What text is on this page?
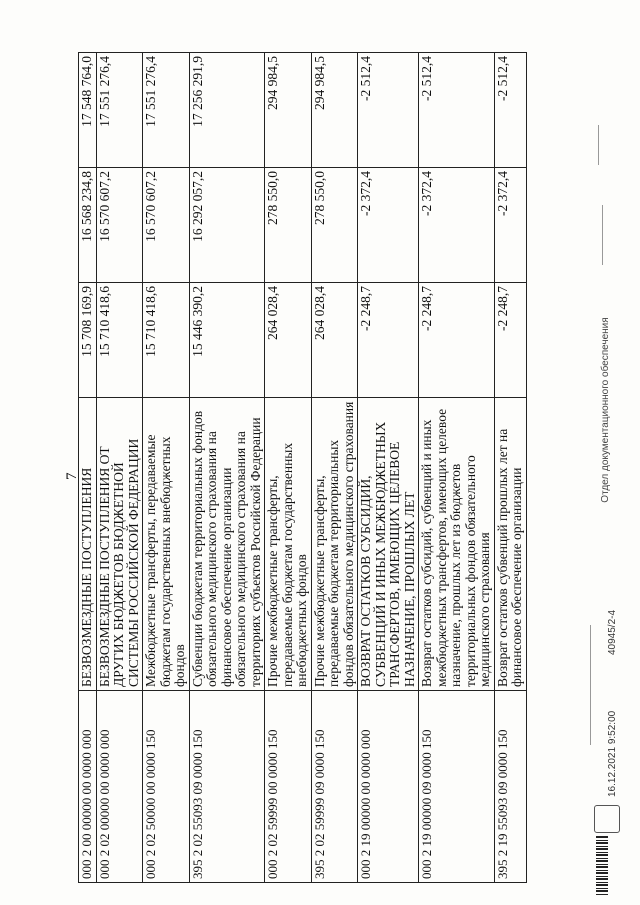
7
000 2 00 00000 00 0000 000	БЕЗВОЗМЕЗДНЫЕ ПОСТУПЛЕНИЯ	15 708 169,9	16 568 234,8	17 548 764,0
000 2 02 00000 00 0000 000	БЕЗВОЗМЕЗДНЫЕ ПОСТУПЛЕНИЯ ОТ ДРУГИХ БЮДЖЕТОВ БЮДЖЕТНОЙ СИСТЕМЫ РОССИЙСКОЙ ФЕДЕРАЦИИ	15 710 418,6	16 570 607,2	17 551 276,4
000 2 02 50000 00 0000 150	Межбюджетные трансферты, передаваемые бюджетам государственных внебюджетных фондов	15 710 418,6	16 570 607,2	17 551 276,4
395 2 02 55093 09 0000 150	Субвенции бюджетам территориальных фондов обязательного медицинского страхования на финансовое обеспечение организации обязательного медицинского страхования на территориях субъектов Российской Федерации	15 446 390,2	16 292 057,2	17 256 291,9
000 2 02 59999 00 0000 150	Прочие межбюджетные трансферты, передаваемые бюджетам государственных внебюджетных фондов	264 028,4	278 550,0	294 984,5
395 2 02 59999 09 0000 150	Прочие межбюджетные трансферты, передаваемые бюджетам территориальных фондов обязательного медицинского страхования	264 028,4	278 550,0	294 984,5
000 2 19 00000 00 0000 000	ВОЗВРАТ ОСТАТКОВ СУБСИДИЙ, СУБВЕНЦИЙ И ИНЫХ МЕЖБЮДЖЕТНЫХ ТРАНСФЕРТОВ, ИМЕЮЩИХ ЦЕЛЕВОЕ НАЗНАЧЕНИЕ, ПРОШЛЫХ ЛЕТ	-2 248,7	-2 372,4	-2 512,4
000 2 19 00000 09 0000 150	Возврат остатков субсидий, субвенций и иных межбюджетных трансфертов, имеющих целевое назначение, прошлых лет из бюджетов территориальных фондов обязательного медицинского страхования	-2 248,7	-2 372,4	-2 512,4
395 2 19 55093 09 0000 150	Возврат остатков субвенций прошлых лет на финансовое обеспечение организации	-2 248,7	-2 372,4	-2 512,4
16.12.2021 9:52:00
40945/2-4
Отдел документационного обеспечения
